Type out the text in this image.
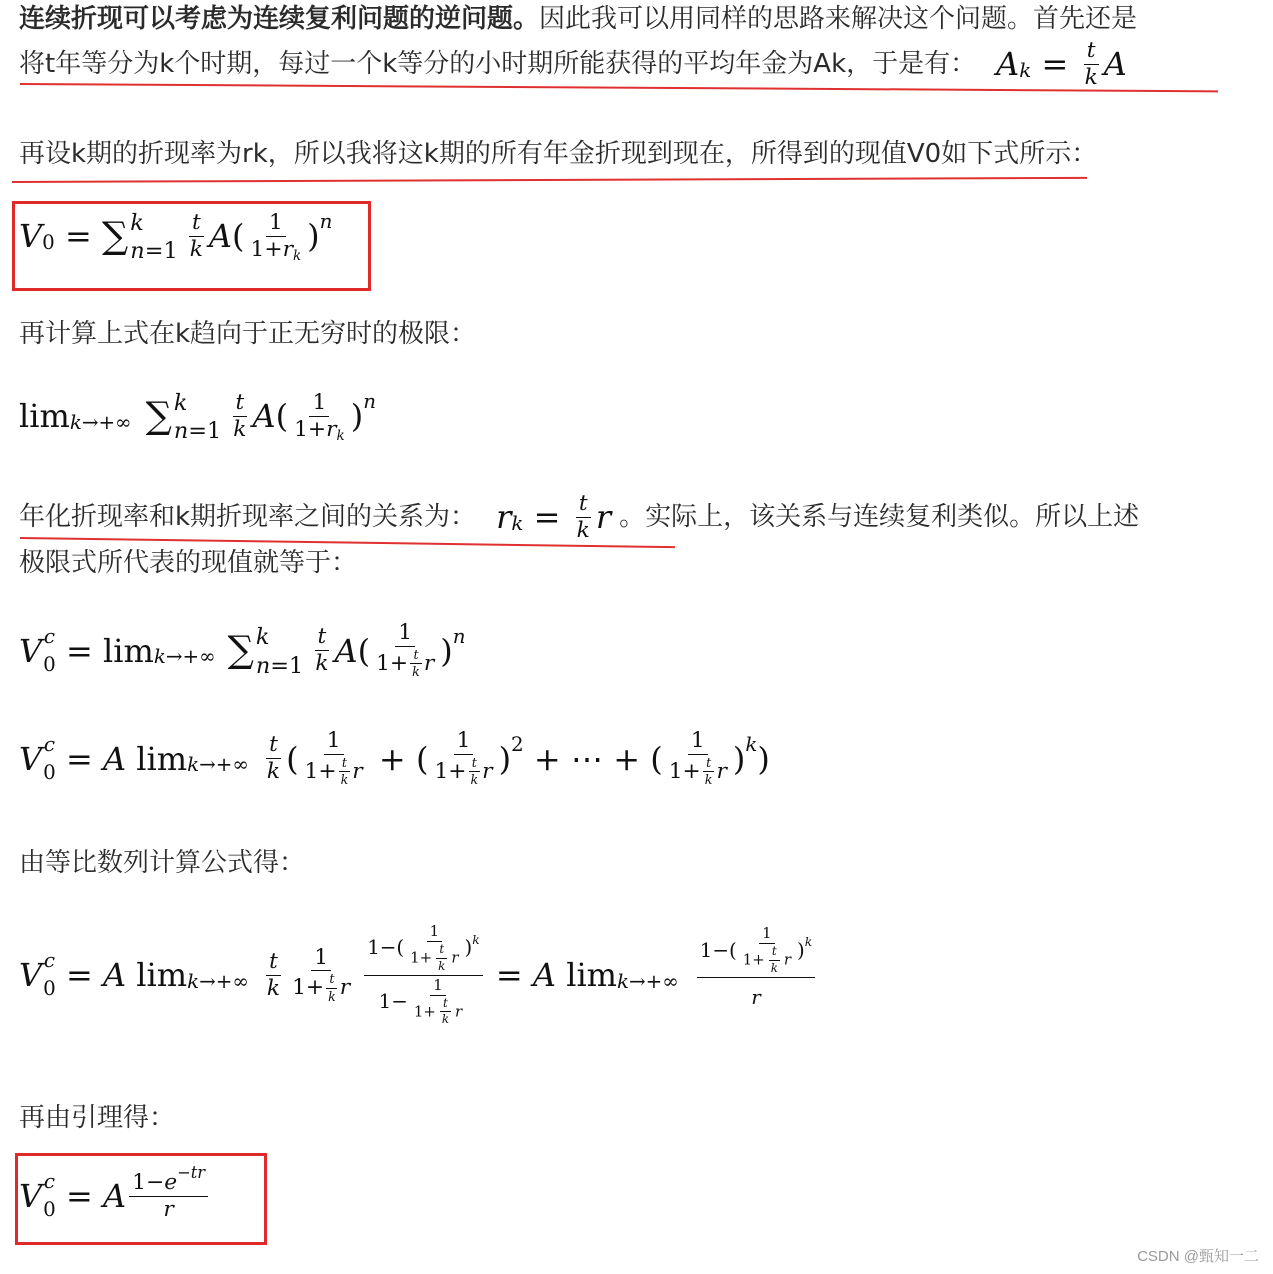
连续折现可以考虑为连续复利问题的逆问题。因此我可以用同样的思路来解决这个问题。首先还是
将t年等分为k个时期，每过一个k等分的小时期所能获得的平均年金为Ak，于是有： A $k = \frac{t}{k}$ A
再设k期的折现率为rk，所以我将这k期的所有年金折现到现在，所得到的现值V0如下式所示：
V 0 = ∑ k
$n=1 \frac{t}{k}$ A ( $\frac{1}{1+rk}$ ) n
再计算上式在k趋向于正无穷时的极限：
lim k→+∞ ∑ k
$n=1 \frac{t}{k}$ A ( $\frac{1}{1+rk}$ ) n
年化折现率和k期折现率之间的关系为： r $k = \frac{t}{k}$ r 。实际上，该关系与连续复利类似。所以上述
极限式所代表的现值就等于：
V c
0 = lim k→+∞ ∑ k
$n=1 \frac{t}{k}$ A ( $\frac{1}{1+ \frac{t}{k} r}$ ) n
V c
0 = A $\lim k\to+\infty \frac{t}{k}$ ( $\frac{1}{1+ \frac{t}{k} r}$ + ( $\frac{1}{1+ \frac{t}{k} r}$ ) 2 + ⋯ + ( $\frac{1}{1+ \frac{t}{k} r}$ ) k )
由等比数列计算公式得：
V c
0 = A $\lim k\to+\infty \frac{t}{k} \frac{1}{1+ \frac{t}{k} r} \frac{1-( \frac{1}{1+ \frac{t}{k} r} ) k}{1- \frac{1}{1+ \frac{t}{k} r}} = A$ $\lim k\to+\infty \frac{1-( \frac{1}{1+ \frac{t}{k} r} ) k}{r}$
再由引理得：
V c
0 = A $\frac{1-e^{-tr}}{r}$
CSDN @甄知一二
